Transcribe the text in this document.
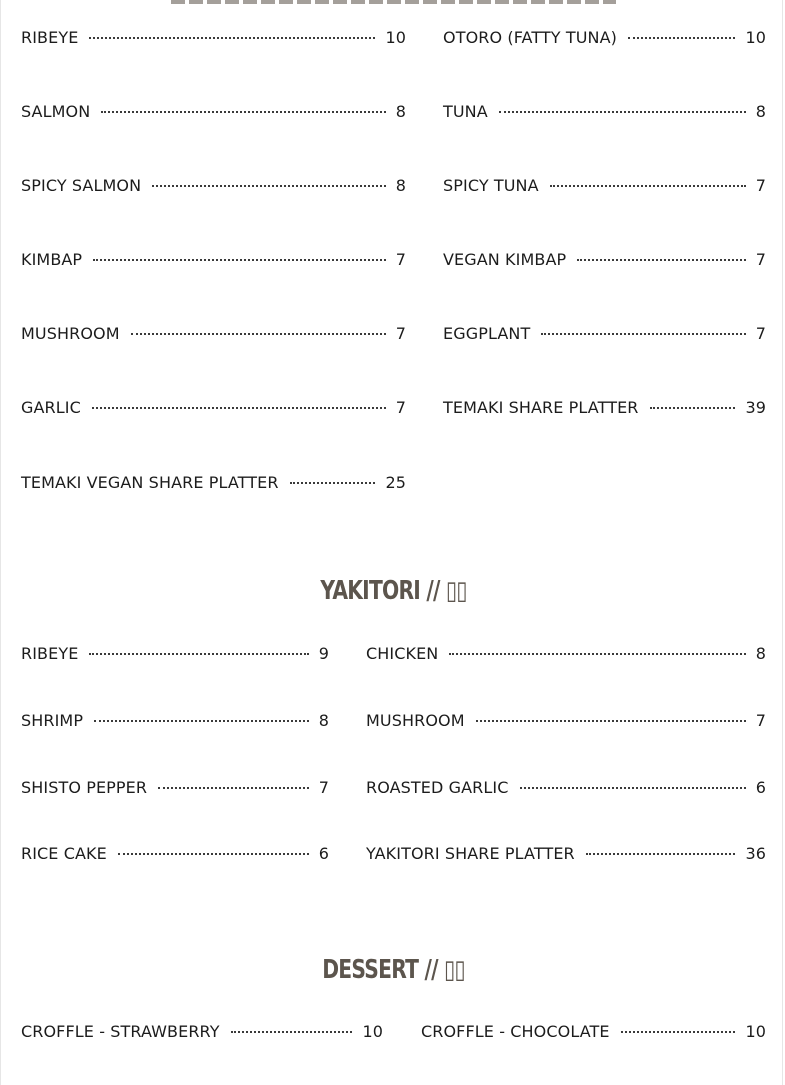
RIBEYE	10
SALMON	8
SPICY SALMON	8
KIMBAP	7
MUSHROOM	7
GARLIC	7
TEMAKI VEGAN SHARE PLATTER	25
OTORO (FATTY TUNA)	10
TUNA	8
SPICY TUNA	7
VEGAN KIMBAP	7
EGGPLANT	7
TEMAKI SHARE PLATTER	39
YAKITORI // ▯▯
RIBEYE	9
SHRIMP	8
SHISTO PEPPER	7
RICE CAKE	6
CHICKEN	8
MUSHROOM	7
ROASTED GARLIC	6
YAKITORI SHARE PLATTER	36
DESSERT // ▯▯
CROFFLE - STRAWBERRY	10 CROFFLE - CHOCOLATE	10
